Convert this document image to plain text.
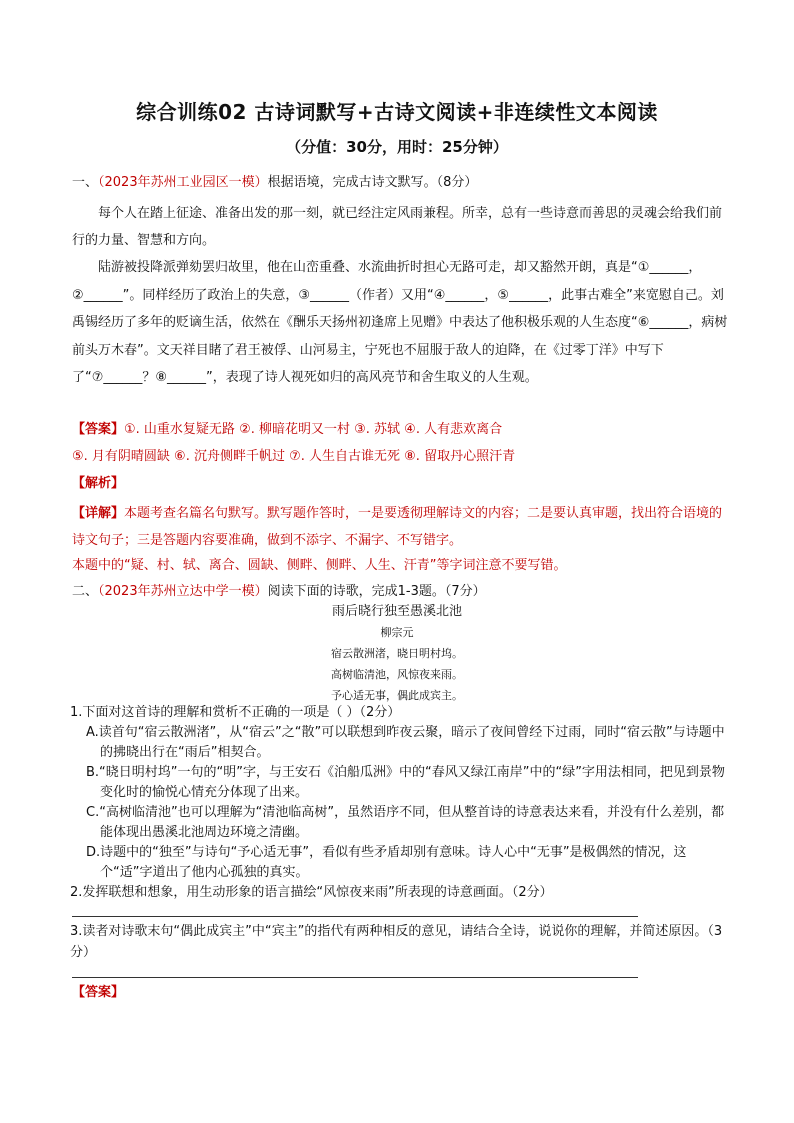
综合训练02 古诗词默写+古诗文阅读+非连续性文本阅读
（分值：30分，用时：25分钟）
一、（2023年苏州工业园区一模）根据语境，完成古诗文默写。（8分）
每个人在踏上征途、准备出发的那一刻，就已经注定风雨兼程。所幸，总有一些诗意而善思的灵魂会给我们前行的力量、智慧和方向。
陆游被投降派弹劾罢归故里，他在山峦重叠、水流曲折时担心无路可走，却又豁然开朗，真是“①______，②______”。同样经历了政治上的失意，③______（作者）又用“④______，⑤______，此事古难全”来宽慰自己。刘禹锡经历了多年的贬谪生活，依然在《酬乐天扬州初逢席上见赠》中表达了他积极乐观的人生态度“⑥______，病树前头万木春”。文天祥目睹了君王被俘、山河易主，宁死也不屈服于敌人的迫降，在《过零丁洋》中写下了“⑦______？⑧______”，表现了诗人视死如归的高风亮节和舍生取义的人生观。
【答案】①. 山重水复疑无路 ②. 柳暗花明又一村 ③. 苏轼 ④. 人有悲欢离合
⑤. 月有阴晴圆缺 ⑥. 沉舟侧畔千帆过 ⑦. 人生自古谁无死 ⑧. 留取丹心照汗青
【解析】
【详解】本题考查名篇名句默写。默写题作答时，一是要透彻理解诗文的内容；二是要认真审题，找出符合语境的诗文句子；三是答题内容要准确，做到不添字、不漏字、不写错字。
本题中的“疑、村、轼、离合、圆缺、侧畔、侧畔、人生、汗青”等字词注意不要写错。
二、（2023年苏州立达中学一模）阅读下面的诗歌，完成1-3题。（7分）
雨后晓行独至愚溪北池
柳宗元
宿云散洲渚，晓日明村坞。
高树临清池，风惊夜来雨。
予心适无事，偶此成宾主。
1.下面对这首诗的理解和赏析不正确的一项是（ ）（2分）
A.读首句“宿云散洲渚”，从“宿云”之“散”可以联想到昨夜云聚，暗示了夜间曾经下过雨，同时“宿云散”与诗题中的拂晓出行在“雨后”相契合。
B.“晓日明村坞”一句的“明”字，与王安石《泊船瓜洲》中的“春风又绿江南岸”中的“绿”字用法相同，把见到景物变化时的愉悦心情充分体现了出来。
C.“高树临清池”也可以理解为“清池临高树”，虽然语序不同，但从整首诗的诗意表达来看，并没有什么差别，都能体现出愚溪北池周边环境之清幽。
D.诗题中的“独至”与诗句“予心适无事”，看似有些矛盾却别有意味。诗人心中“无事”是极偶然的情况，这个“适”字道出了他内心孤独的真实。
2.发挥联想和想象，用生动形象的语言描绘“风惊夜来雨”所表现的诗意画面。（2分）
3.读者对诗歌末句“偶此成宾主”中“宾主”的指代有两种相反的意见，请结合全诗，说说你的理解，并简述原因。（3分）
【答案】
